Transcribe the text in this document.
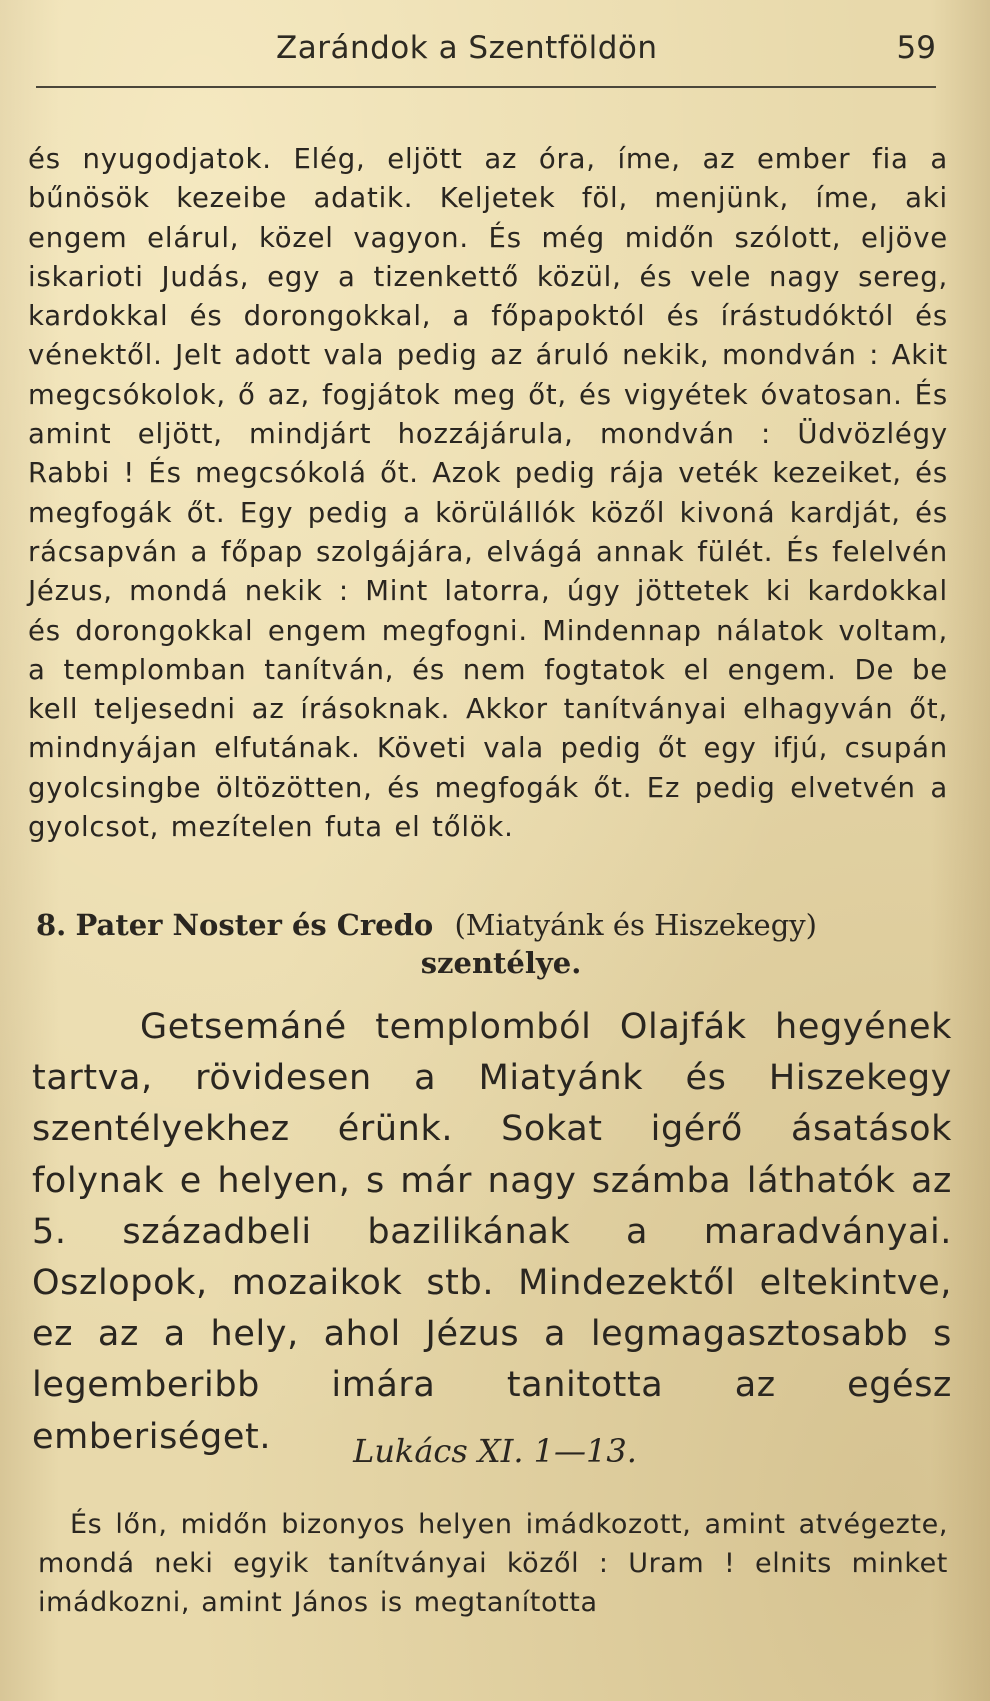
Zarándok a Szentföldön	59

és nyugodjatok. Elég, eljött az óra, íme, az ember fia a bűnösök kezeibe adatik. Keljetek föl, menjünk, íme, aki engem elárul, közel vagyon. És még midőn szólott, eljöve iskarioti Judás, egy a tizenkettő közül, és vele nagy sereg, kardokkal és dorongokkal, a főpapoktól és írástudóktól és vénektől. Jelt adott vala pedig az áruló nekik, mondván : Akit megcsókolok, ő az, fogjátok meg őt, és vigyétek óvatosan. És amint eljött, mindjárt hozzájárula, mondván : Üdvözlégy Rabbi ! És megcsókolá őt. Azok pedig rája veték kezeiket, és megfogák őt. Egy pedig a körülállók közől kivoná kardját, és rácsapván a főpap szolgájára, elvágá annak fülét. És felelvén Jézus, mondá nekik : Mint latorra, úgy jöttetek ki kardokkal és dorongokkal engem megfogni. Mindennap nálatok voltam, a templomban tanítván, és nem fogtatok el engem. De be kell teljesedni az írásoknak. Akkor tanítványai elhagyván őt, mindnyájan elfutának. Követi vala pedig őt egy ifjú, csupán gyolcsingbe öltözötten, és megfogák őt. Ez pedig elvetvén a gyolcsot, mezítelen futa el tőlök.

8. Pater Noster és Credo (Miatyánk és Hiszekegy)
szentélye.

Getsemáné templomból Olajfák hegyének tartva, rövidesen a Miatyánk és Hiszekegy szentélyekhez érünk. Sokat igérő ásatások folynak e helyen, s már nagy számba láthatók az 5. századbeli bazilikának a maradványai. Oszlopok, mozaikok stb. Mindezektől eltekintve, ez az a hely, ahol Jézus a legmagasztosabb s legemberibb imára tanitotta az egész emberiséget.	Lukács XI. 1—13.

És lőn, midőn bizonyos helyen imádkozott, amint atvégezte, mondá neki egyik tanítványai közől : Uram ! elnits minket imádkozni, amint János is megtanította
